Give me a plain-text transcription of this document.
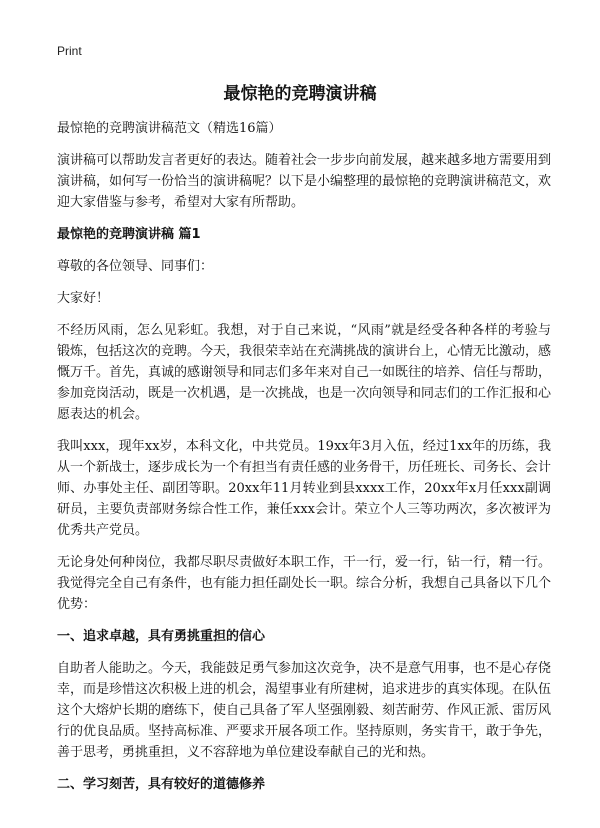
Print
最惊艳的竞聘演讲稿

最惊艳的竞聘演讲稿范文（精选16篇）

演讲稿可以帮助发言者更好的表达。随着社会一步步向前发展，越来越多地方需要用到演讲稿，如何写一份恰当的演讲稿呢？以下是小编整理的最惊艳的竞聘演讲稿范文，欢迎大家借鉴与参考，希望对大家有所帮助。

最惊艳的竞聘演讲稿 篇1

尊敬的各位领导、同事们：

大家好！

不经历风雨，怎么见彩虹。我想，对于自己来说，“风雨”就是经受各种各样的考验与锻炼，包括这次的竞聘。今天，我很荣幸站在充满挑战的演讲台上，心情无比激动，感慨万千。首先，真诚的感谢领导和同志们多年来对自己一如既往的培养、信任与帮助，参加竞岗活动，既是一次机遇，是一次挑战，也是一次向领导和同志们的工作汇报和心愿表达的机会。

我叫xxx，现年xx岁，本科文化，中共党员。19xx年3月入伍，经过1xx年的历练，我从一个新战士，逐步成长为一个有担当有责任感的业务骨干，历任班长、司务长、会计师、办事处主任、副团等职。20xx年11月转业到县xxxx工作，20xx年x月任xxx副调研员，主要负责部财务综合性工作，兼任xxx会计。荣立个人三等功两次，多次被评为优秀共产党员。

无论身处何种岗位，我都尽职尽责做好本职工作，干一行，爱一行，钻一行，精一行。我觉得完全自己有条件，也有能力担任副处长一职。综合分析，我想自己具备以下几个优势：

一、追求卓越，具有勇挑重担的信心

自助者人能助之。今天，我能鼓足勇气参加这次竞争，决不是意气用事，也不是心存侥幸，而是珍惜这次积极上进的机会，渴望事业有所建树，追求进步的真实体现。在队伍这个大熔炉长期的磨练下，使自己具备了军人坚强刚毅、刻苦耐劳、作风正派、雷厉风行的优良品质。坚持高标准、严要求开展各项工作。坚持原则，务实肯干，敢于争先，善于思考，勇挑重担，义不容辞地为单位建设奉献自己的光和热。

二、学习刻苦，具有较好的道德修养
